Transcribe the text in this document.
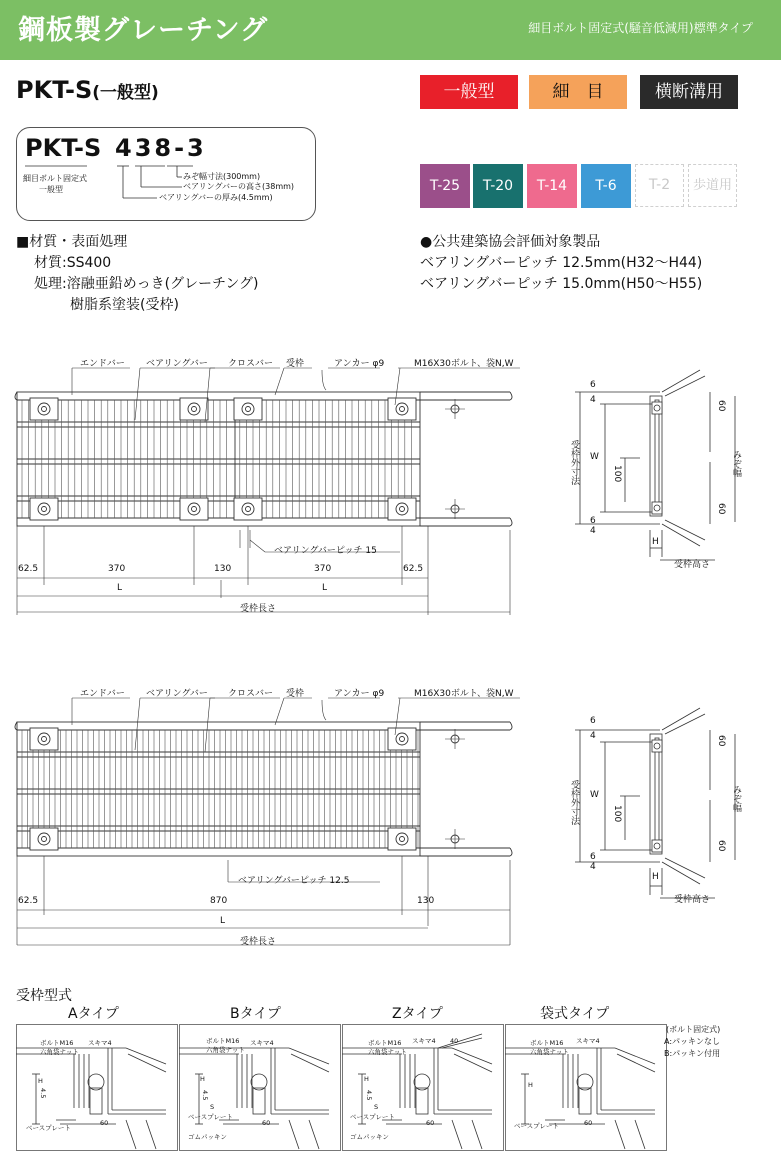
鋼板製グレーチング	細目ボルト固定式(騒音低減用)標準タイプ
PKT-S(一般型)	一般型	細　目	横断溝用
PKT-S 438-3
細目ボルト固定式
一般型
みぞ幅寸法(300mm)
ベアリングバーの高さ(38mm)
ベアリングバーの厚み(4.5mm)
T-25	T-20	T-14	T-6	T-2	歩道用
■材質・表面処理
材質:SS400
処理:溶融亜鉛めっき(グレーチング)
樹脂系塗装(受枠)
●公共建築協会評価対象製品
ベアリングバーピッチ 12.5mm(H32～H44)
ベアリングバーピッチ 15.0mm(H50～H55)
エンドバー ベアリングバー クロスバー 受枠	アンカー φ9	M16X30ボルト、袋N,W
ベアリングバーピッチ 15
62.5	370	130	370	62.5
L	L
受枠長さ
エンドバー ベアリングバー クロスバー 受枠	アンカー φ9	M16X30ボルト、袋N,W
ベアリングバーピッチ 12.5
62.5	870	130
L
受枠長さ
6
4
W
受枠外寸法	100
60
60
みぞ幅
6
4
H
受枠高さ
6
4
W
受枠外寸法	100
60
60
みぞ幅
6
4
H
受枠高さ
受枠型式
Aタイプ	Bタイプ	Zタイプ	袋式タイプ
ボルトM16
六角袋ナット
スキマ4
ベースプレート
60
4.5
H
ボルトM16
六角袋ナット
スキマ4
ベースプレート
ゴムパッキン
60
H
4.5
S
ボルトM16
六角袋ナット
スキマ4 40
ベースプレート
ゴムパッキン
60
H
4.5
S
ボルトM16
六角袋ナット
スキマ4
ベースプレート	60
H
(ボルト固定式)
A:パッキンなし
B:パッキン付用
